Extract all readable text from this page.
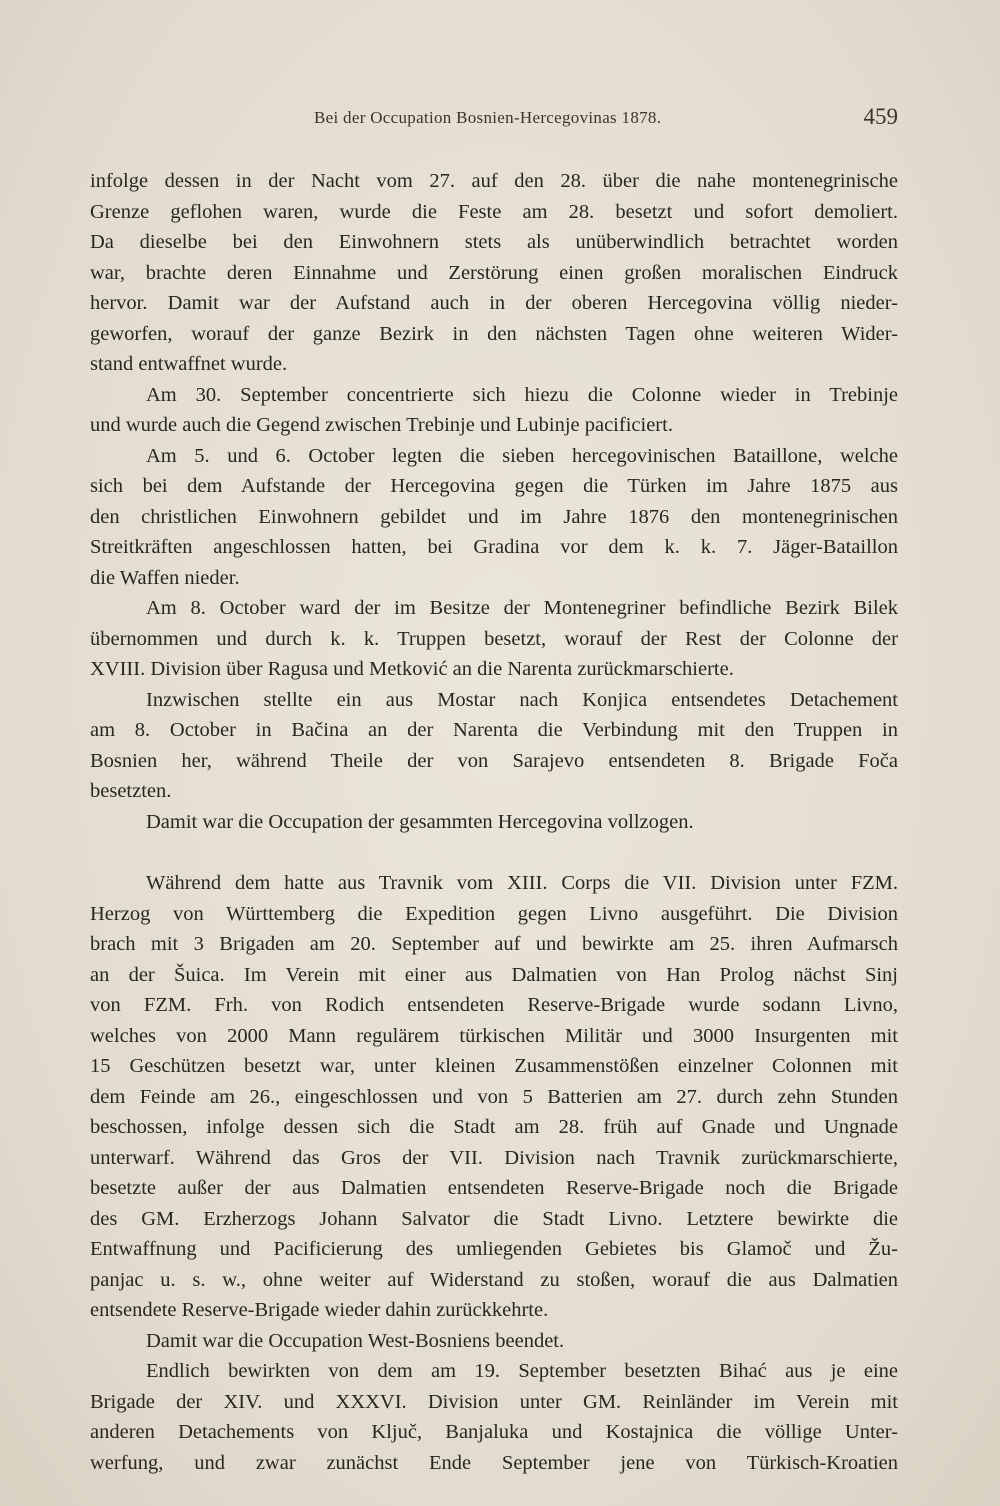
Bei der Occupation Bosnien-Hercegovinas 1878.	459
infolge dessen in der Nacht vom 27. auf den 28. über die nahe montenegrinische
Grenze geflohen waren, wurde die Feste am 28. besetzt und sofort demoliert.
Da dieselbe bei den Einwohnern stets als unüberwindlich betrachtet worden
war, brachte deren Einnahme und Zerstörung einen großen moralischen Eindruck
hervor. Damit war der Aufstand auch in der oberen Hercegovina völlig nieder-
geworfen, worauf der ganze Bezirk in den nächsten Tagen ohne weiteren Wider-
stand entwaffnet wurde.
Am 30. September concentrierte sich hiezu die Colonne wieder in Trebinje
und wurde auch die Gegend zwischen Trebinje und Lubinje pacificiert.
Am 5. und 6. October legten die sieben hercegovinischen Bataillone, welche
sich bei dem Aufstande der Hercegovina gegen die Türken im Jahre 1875 aus
den christlichen Einwohnern gebildet und im Jahre 1876 den montenegrinischen
Streitkräften angeschlossen hatten, bei Gradina vor dem k. k. 7. Jäger-Bataillon
die Waffen nieder.
Am 8. October ward der im Besitze der Montenegriner befindliche Bezirk Bilek
übernommen und durch k. k. Truppen besetzt, worauf der Rest der Colonne der
XVIII. Division über Ragusa und Metković an die Narenta zurückmarschierte.
Inzwischen stellte ein aus Mostar nach Konjica entsendetes Detachement
am 8. October in Bačina an der Narenta die Verbindung mit den Truppen in
Bosnien her, während Theile der von Sarajevo entsendeten 8. Brigade Foča
besetzten.
Damit war die Occupation der gesammten Hercegovina vollzogen.
Während dem hatte aus Travnik vom XIII. Corps die VII. Division unter FZM.
Herzog von Württemberg die Expedition gegen Livno ausgeführt. Die Division
brach mit 3 Brigaden am 20. September auf und bewirkte am 25. ihren Aufmarsch
an der Šuica. Im Verein mit einer aus Dalmatien von Han Prolog nächst Sinj
von FZM. Frh. von Rodich entsendeten Reserve-Brigade wurde sodann Livno,
welches von 2000 Mann regulärem türkischen Militär und 3000 Insurgenten mit
15 Geschützen besetzt war, unter kleinen Zusammenstößen einzelner Colonnen mit
dem Feinde am 26., eingeschlossen und von 5 Batterien am 27. durch zehn Stunden
beschossen, infolge dessen sich die Stadt am 28. früh auf Gnade und Ungnade
unterwarf. Während das Gros der VII. Division nach Travnik zurückmarschierte,
besetzte außer der aus Dalmatien entsendeten Reserve-Brigade noch die Brigade
des GM. Erzherzogs Johann Salvator die Stadt Livno. Letztere bewirkte die
Entwaffnung und Pacificierung des umliegenden Gebietes bis Glamoč und Žu-
panjac u. s. w., ohne weiter auf Widerstand zu stoßen, worauf die aus Dalmatien
entsendete Reserve-Brigade wieder dahin zurückkehrte.
Damit war die Occupation West-Bosniens beendet.
Endlich bewirkten von dem am 19. September besetzten Bihać aus je eine
Brigade der XIV. und XXXVI. Division unter GM. Reinländer im Verein mit
anderen Detachements von Ključ, Banjaluka und Kostajnica die völlige Unter-
werfung, und zwar zunächst Ende September jene von Türkisch-Kroatien
